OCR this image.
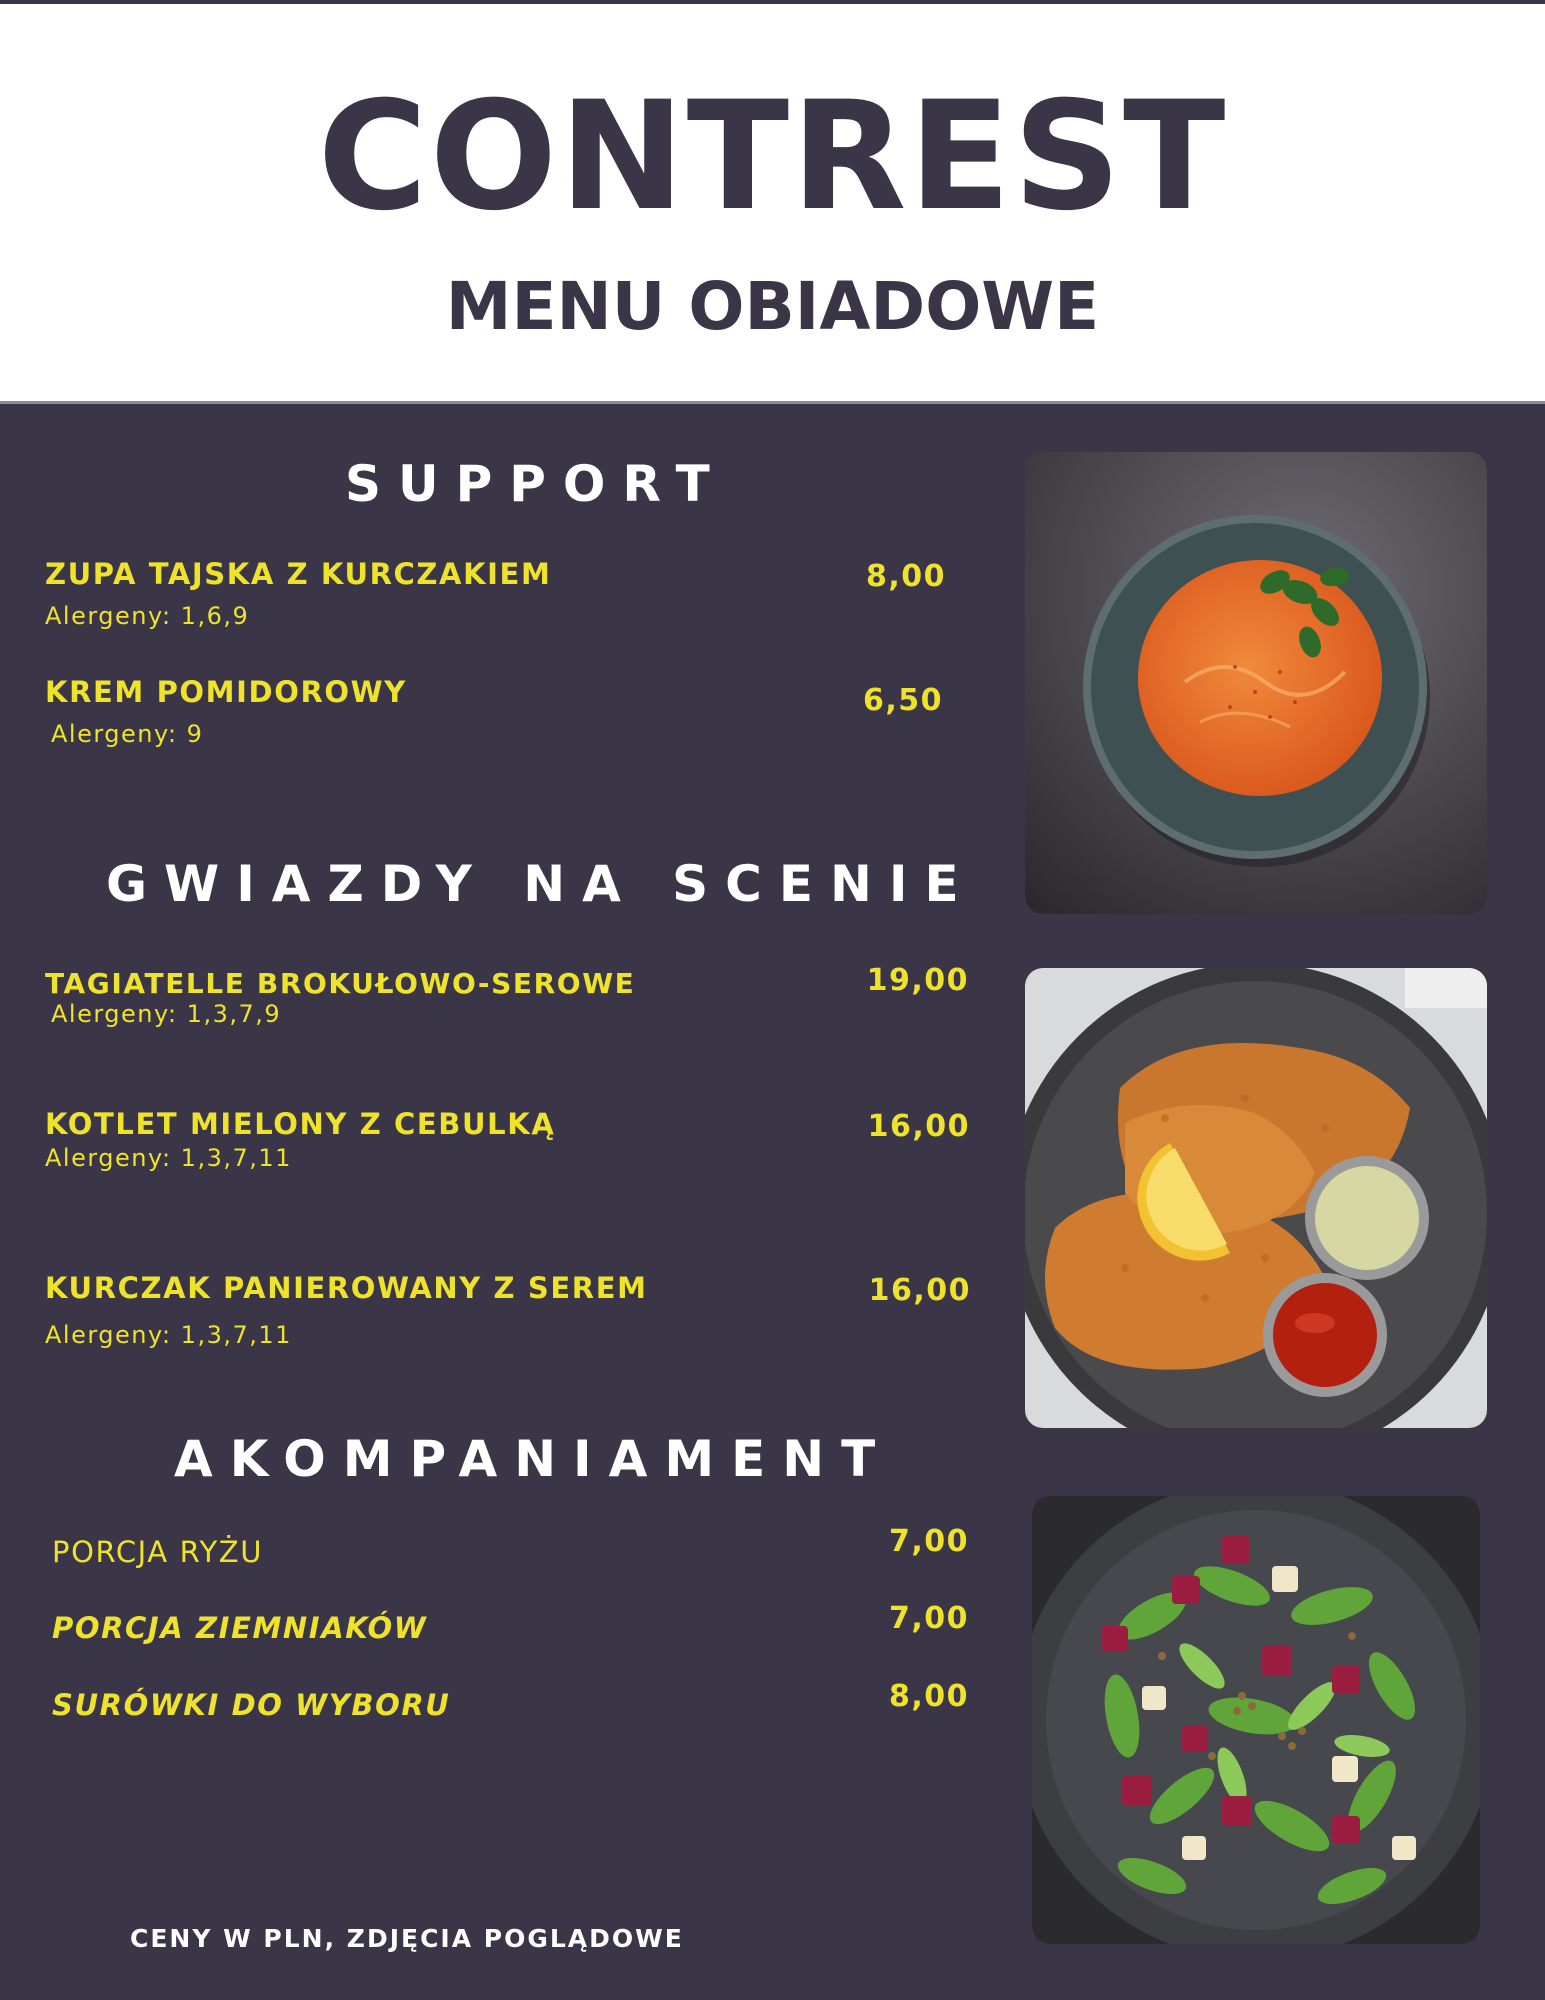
CONTREST
MENU OBIADOWE
SUPPORT
ZUPA TAJSKA Z KURCZAKIEM
Alergeny: 1,6,9
8,00
KREM POMIDOROWY
Alergeny: 9
6,50
GWIAZDY NA SCENIE
TAGIATELLE BROKUŁOWO-SEROWE
Alergeny: 1,3,7,9
19,00
KOTLET MIELONY Z CEBULKĄ
Alergeny: 1,3,7,11
16,00
KURCZAK PANIEROWANY Z SEREM
Alergeny: 1,3,7,11
16,00
AKOMPANIAMENT
PORCJA RYŻU	7,00
PORCJA ZIEMNIAKÓW	7,00
SURÓWKI DO WYBORU	8,00
CENY W PLN, ZDJĘCIA POGLĄDOWE
